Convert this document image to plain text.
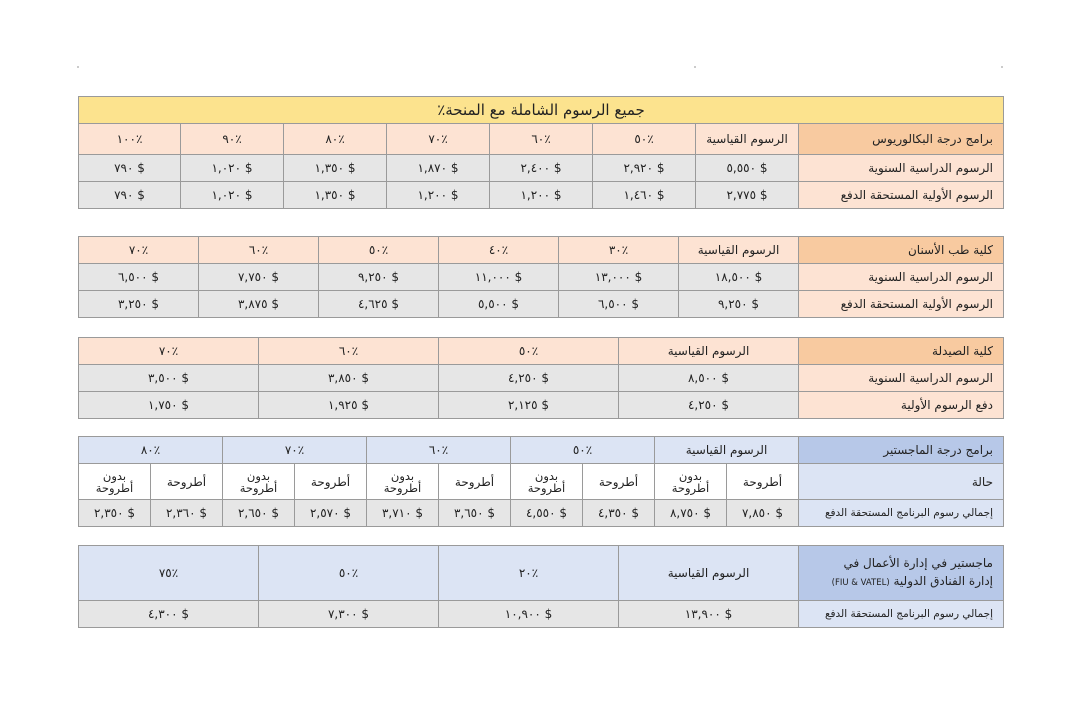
جميع الرسوم الشاملة مع المنحة٪							
برامج درجة البكالوريوس	الرسوم القياسية	٪٥٠	٪٦٠	٪٧٠	٪٨٠	٪٩٠	٪١٠٠
الرسوم الدراسية السنوية	$ ٥,٥٥٠	$ ٢,٩٢٠	$ ٢,٤٠٠	$ ١,٨٧٠	$ ١,٣٥٠	$ ١,٠٢٠	$ ٧٩٠
الرسوم الأولية المستحقة الدفع	$ ٢,٧٧٥	$ ١,٤٦٠	$ ١,٢٠٠	$ ١,٢٠٠	$ ١,٣٥٠	$ ١,٠٢٠	$ ٧٩٠
كلية طب الأسنان	الرسوم القياسية	٪٣٠	٪٤٠	٪٥٠	٪٦٠	٪٧٠
الرسوم الدراسية السنوية	$ ١٨,٥٠٠	$ ١٣,٠٠٠	$ ١١,٠٠٠	$ ٩,٢٥٠	$ ٧,٧٥٠	$ ٦,٥٠٠
الرسوم الأولية المستحقة الدفع	$ ٩,٢٥٠	$ ٦,٥٠٠	$ ٥,٥٠٠	$ ٤,٦٢٥	$ ٣,٨٧٥	$ ٣,٢٥٠
كلية الصيدلة	الرسوم القياسية	٪٥٠	٪٦٠	٪٧٠
الرسوم الدراسية السنوية	$ ٨,٥٠٠	$ ٤,٢٥٠	$ ٣,٨٥٠	$ ٣,٥٠٠
دفع الرسوم الأولية	$ ٤,٢٥٠	$ ٢,١٢٥	$ ١,٩٢٥	$ ١,٧٥٠
برامج درجة الماجستير	الرسوم القياسية		٪٥٠		٪٦٠		٪٧٠		٪٨٠	
حالة	أطروحة	بدون أطروحة	أطروحة	بدون أطروحة	أطروحة	بدون أطروحة	أطروحة	بدون أطروحة	أطروحة	بدون أطروحة
إجمالي رسوم البرنامج المستحقة الدفع	$ ٧,٨٥٠	$ ٨,٧٥٠	$ ٤,٣٥٠	$ ٤,٥٥٠	$ ٣,٦٥٠	$ ٣,٧١٠	$ ٢,٥٧٠	$ ٢,٦٥٠	$ ٢,٣٦٠	$ ٢,٣٥٠
ماجستير في إدارة الأعمال في
إدارة الفنادق الدولية (FIU & VATEL)	الرسوم القياسية	٪٢٠	٪٥٠	٪٧٥
إجمالي رسوم البرنامج المستحقة الدفع	$ ١٣,٩٠٠	$ ١٠,٩٠٠	$ ٧,٣٠٠	$ ٤,٣٠٠
